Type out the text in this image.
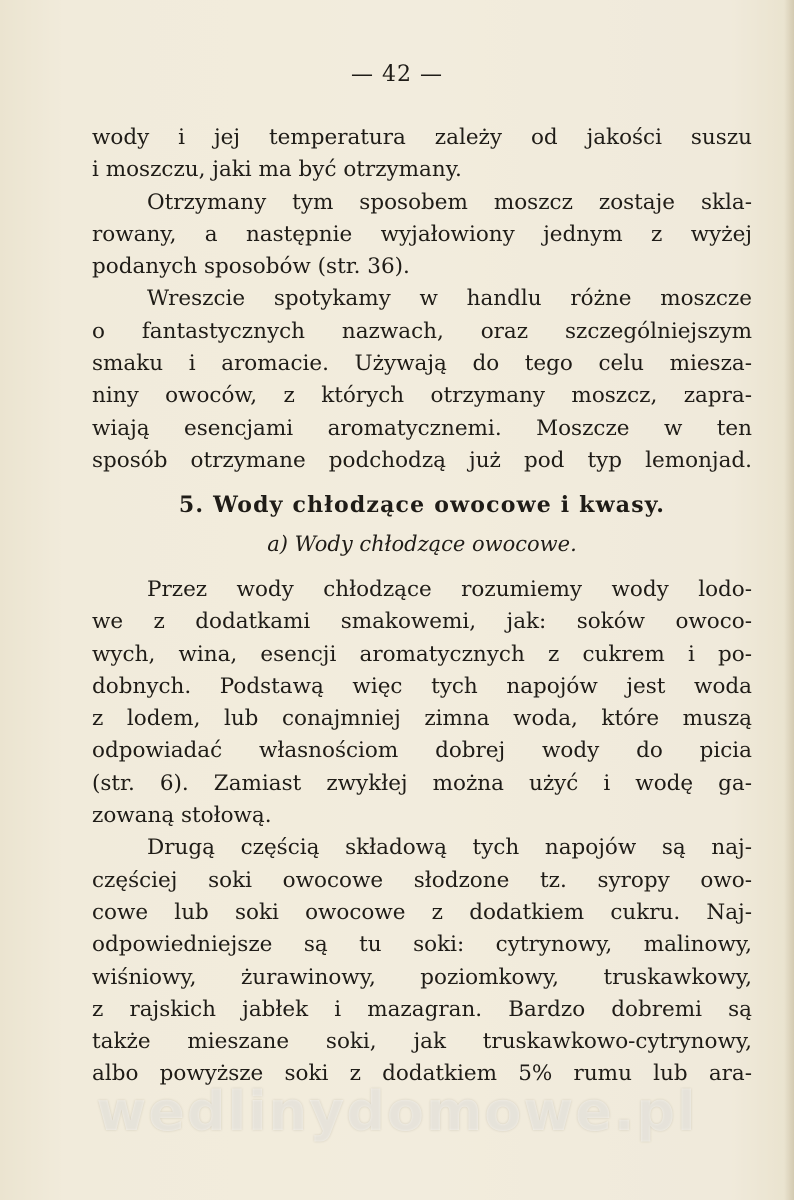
— 42 —
wody i jej temperatura zależy od jakości suszu
i moszczu, jaki ma być otrzymany.
Otrzymany tym sposobem moszcz zostaje skla-
rowany, a następnie wyjałowiony jednym z wyżej
podanych sposobów (str. 36).
Wreszcie spotykamy w handlu różne moszcze
o fantastycznych nazwach, oraz szczególniejszym
smaku i aromacie. Używają do tego celu miesza-
niny owoców, z których otrzymany moszcz, zapra-
wiają esencjami aromatycznemi. Moszcze w ten
sposób otrzymane podchodzą już pod typ lemonjad.
5. Wody chłodzące owocowe i kwasy.
a) Wody chłodzące owocowe.
Przez wody chłodzące rozumiemy wody lodo-
we z dodatkami smakowemi, jak: soków owoco-
wych, wina, esencji aromatycznych z cukrem i po-
dobnych. Podstawą więc tych napojów jest woda
z lodem, lub conajmniej zimna woda, które muszą
odpowiadać własnościom dobrej wody do picia
(str. 6). Zamiast zwykłej można użyć i wodę ga-
zowaną stołową.
Drugą częścią składową tych napojów są naj-
częściej soki owocowe słodzone tz. syropy owo-
cowe lub soki owocowe z dodatkiem cukru. Naj-
odpowiedniejsze są tu soki: cytrynowy, malinowy,
wiśniowy, żurawinowy, poziomkowy, truskawkowy,
z rajskich jabłek i mazagran. Bardzo dobremi są
także mieszane soki, jak truskawkowo-cytrynowy,
albo powyższe soki z dodatkiem 5% rumu lub ara-
wedlinydomowe.pl
